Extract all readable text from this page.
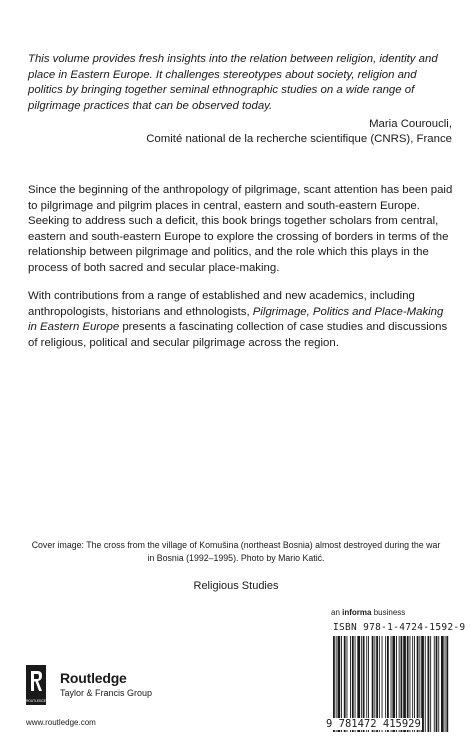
This volume provides fresh insights into the relation between religion, identity and place in Eastern Europe. It challenges stereotypes about society, religion and politics by bringing together seminal ethnographic studies on a wide range of pilgrimage practices that can be observed today.

Maria Couroucli,
Comité national de la recherche scientifique (CNRS), France

Since the beginning of the anthropology of pilgrimage, scant attention has been paid to pilgrimage and pilgrim places in central, eastern and south-eastern Europe. Seeking to address such a deficit, this book brings together scholars from central, eastern and south-eastern Europe to explore the crossing of borders in terms of the relationship between pilgrimage and politics, and the role which this plays in the process of both sacred and secular place-making.

With contributions from a range of established and new academics, including anthropologists, historians and ethnologists, Pilgrimage, Politics and Place-Making in Eastern Europe presents a fascinating collection of case studies and discussions of religious, political and secular pilgrimage across the region.

Cover image: The cross from the village of Komušina (northeast Bosnia) almost destroyed during the war in Bosnia (1992–1995). Photo by Mario Katić.
Religious Studies
ROUTLEDGE
Routledge
Taylor & Francis Group
www.routledge.com
an informa business
ISBN 978-1-4724-1592-9
9 781472 415929
